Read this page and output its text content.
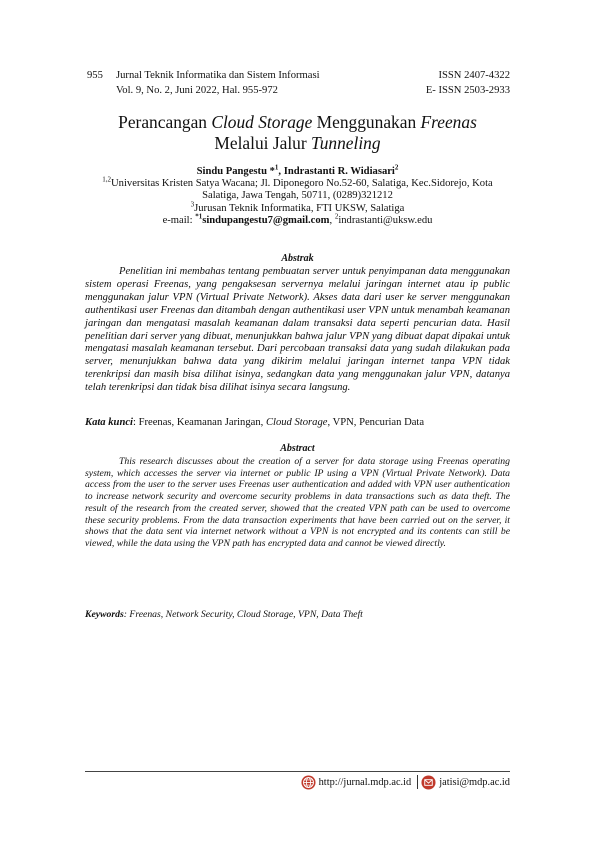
955 Jurnal Teknik Informatika dan Sistem Informasi
Vol. 9, No. 2, Juni 2022, Hal. 955-972
ISSN 2407-4322
E- ISSN 2503-2933
Perancangan Cloud Storage Menggunakan Freenas
Melalui Jalur Tunneling
Sindu Pangestu *$^1$, Indrastanti R. Widiasari$^2$
$^{1,2}$Universitas Kristen Satya Wacana; Jl. Diponegoro No.52-60, Salatiga, Kec.Sidorejo, Kota
Salatiga, Jawa Tengah, 50711, (0289)321212
$^3$Jurusan Teknik Informatika, FTI UKSW, Salatiga
e-mail: $^{*1}$sindupangestu7@gmail.com, $^2$indrastanti@uksw.edu
Abstrak

Penelitian ini membahas tentang pembuatan server untuk penyimpanan data menggunakan sistem operasi Freenas, yang pengaksesan servernya melalui jaringan internet atau ip public menggunakan jalur VPN (Virtual Private Network). Akses data dari user ke server menggunakan authentikasi user Freenas dan ditambah dengan authentikasi user VPN untuk menambah keamanan jaringan dan mengatasi masalah keamanan dalam transaksi data seperti pencurian data. Hasil penelitian dari server yang dibuat, menunjukkan bahwa jalur VPN yang dibuat dapat dipakai untuk mengatasi masalah keamanan tersebut. Dari percobaan transaksi data yang sudah dilakukan pada server, menunjukkan bahwa data yang dikirim melalui jaringan internet tanpa VPN tidak terenkripsi dan masih bisa dilihat isinya, sedangkan data yang menggunakan jalur VPN, datanya telah terenkripsi dan tidak bisa dilihat isinya secara langsung.

Kata kunci: Freenas, Keamanan Jaringan, Cloud Storage, VPN, Pencurian Data
Abstract

This research discusses about the creation of a server for data storage using Freenas operating system, which accesses the server via internet or public IP using a VPN (Virtual Private Network). Data access from the user to the server uses Freenas user authentication and added with VPN user authentication to increase network security and overcome security problems in data transactions such as data theft. The result of the research from the created server, showed that the created VPN path can be used to overcome these security problems. From the data transaction experiments that have been carried out on the server, it shows that the data sent via internet network without a VPN is not encrypted and its contents can still be viewed, while the data using the VPN path has encrypted data and cannot be viewed directly.

Keywords: Freenas, Network Security, Cloud Storage, VPN, Data Theft
http://jurnal.mdp.ac.id	jatisi@mdp.ac.id
